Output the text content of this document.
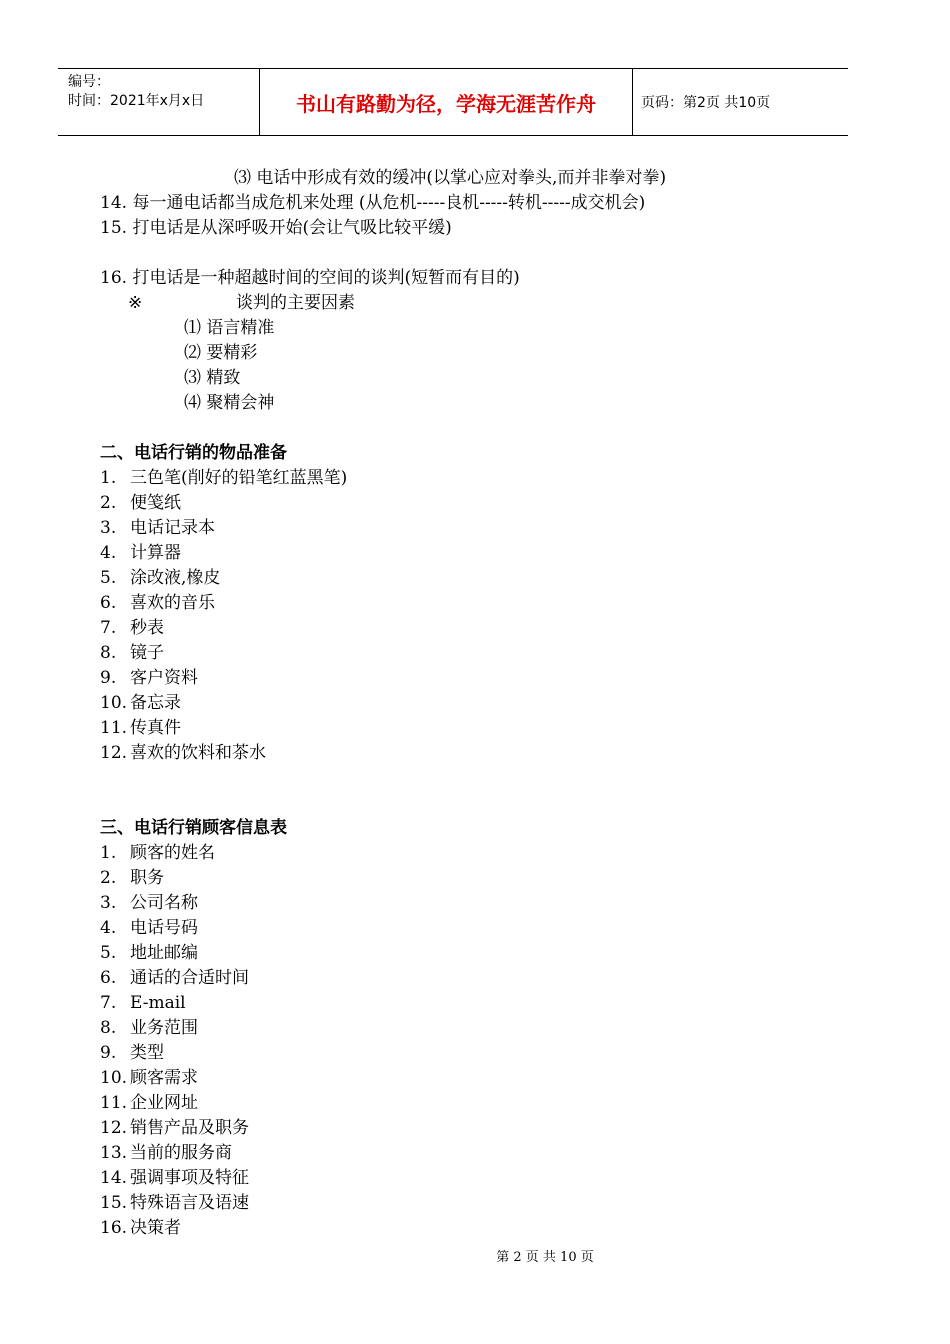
编号：
时间：2021年x月x日	书山有路勤为径，学海无涯苦作舟	页码：第2页 共10页
⑶ 电话中形成有效的缓冲(以掌心应对拳头,而并非拳对拳)
14. 每一通电话都当成危机来处理 (从危机-----良机-----转机-----成交机会)
15. 打电话是从深呼吸开始(会让气吸比较平缓)
16. 打电话是一种超越时间的空间的谈判(短暂而有目的)
※	谈判的主要因素
⑴ 语言精准
⑵ 要精彩
⑶ 精致
⑷ 聚精会神
二、电话行销的物品准备
1. 三色笔(削好的铅笔红蓝黑笔)
2. 便笺纸
3. 电话记录本
4. 计算器
5. 涂改液,橡皮
6. 喜欢的音乐
7. 秒表
8. 镜子
9. 客户资料
10. 备忘录
11. 传真件
12. 喜欢的饮料和茶水
三、电话行销顾客信息表
1. 顾客的姓名
2. 职务
3. 公司名称
4. 电话号码
5. 地址邮编
6. 通话的合适时间
7. E-mail
8. 业务范围
9. 类型
10. 顾客需求
11. 企业网址
12. 销售产品及职务
13. 当前的服务商
14. 强调事项及特征
15. 特殊语言及语速
16. 决策者
第 2 页 共 10 页
